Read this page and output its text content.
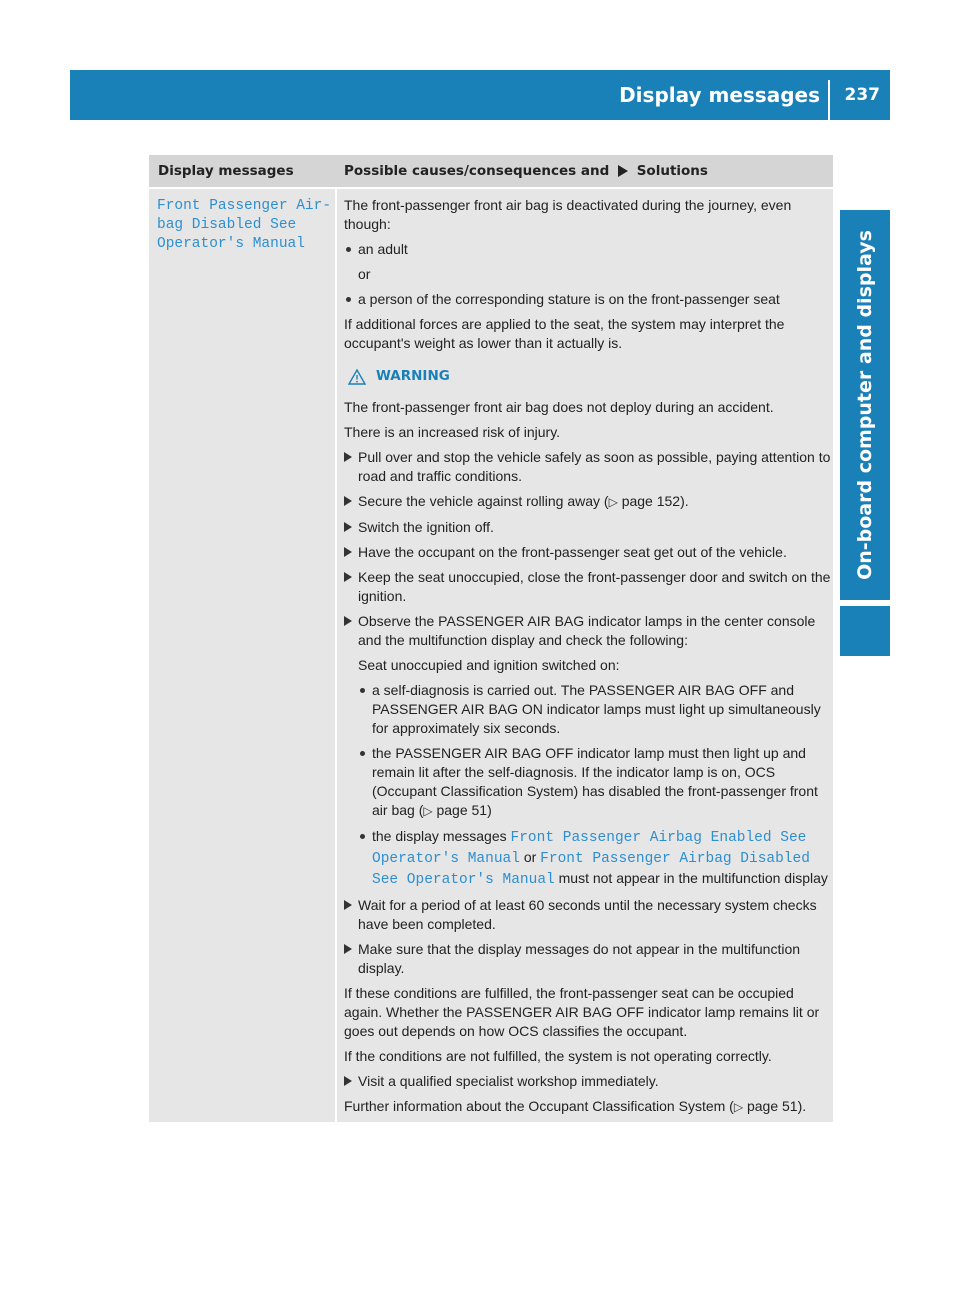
Display messages 237
On-board computer and displays
Display messages	Possible causes/consequences and Solutions
Front Passenger Air‑
bag Disabled See
Operator's Manual

The front-passenger front air bag is deactivated during the journey, even though:

an adult

or

a person of the corresponding stature is on the front-passenger seat

If additional forces are applied to the seat, the system may interpret the occupant's weight as lower than it actually is.

WARNING

The front-passenger front air bag does not deploy during an accident.

There is an increased risk of injury.

Pull over and stop the vehicle safely as soon as possible, paying attention to road and traffic conditions.
Secure the vehicle against rolling away (▷ page 152).
Switch the ignition off.
Have the occupant on the front-passenger seat get out of the vehicle.
Keep the seat unoccupied, close the front-passenger door and switch on the ignition.
Observe the PASSENGER AIR BAG indicator lamps in the center console and the multifunction display and check the following:

Seat unoccupied and ignition switched on:

a self-diagnosis is carried out. The PASSENGER AIR BAG OFF and PASSENGER AIR BAG ON indicator lamps must light up simultaneously for approximately six seconds.
the PASSENGER AIR BAG OFF indicator lamp must then light up and remain lit after the self-diagnosis. If the indicator lamp is on, OCS (Occupant Classification System) has disabled the front-passenger front air bag (▷ page 51)
the display messages Front Passenger Airbag Enabled See Operator's Manual or Front Passenger Airbag Disabled See Operator's Manual must not appear in the multifunction display
Wait for a period of at least 60 seconds until the necessary system checks have been completed.
Make sure that the display messages do not appear in the multifunction display.

If these conditions are fulfilled, the front-passenger seat can be occupied again. Whether the PASSENGER AIR BAG OFF indicator lamp remains lit or goes out depends on how OCS classifies the occupant.

If the conditions are not fulfilled, the system is not operating correctly.

Visit a qualified specialist workshop immediately.

Further information about the Occupant Classification System (▷ page 51).
